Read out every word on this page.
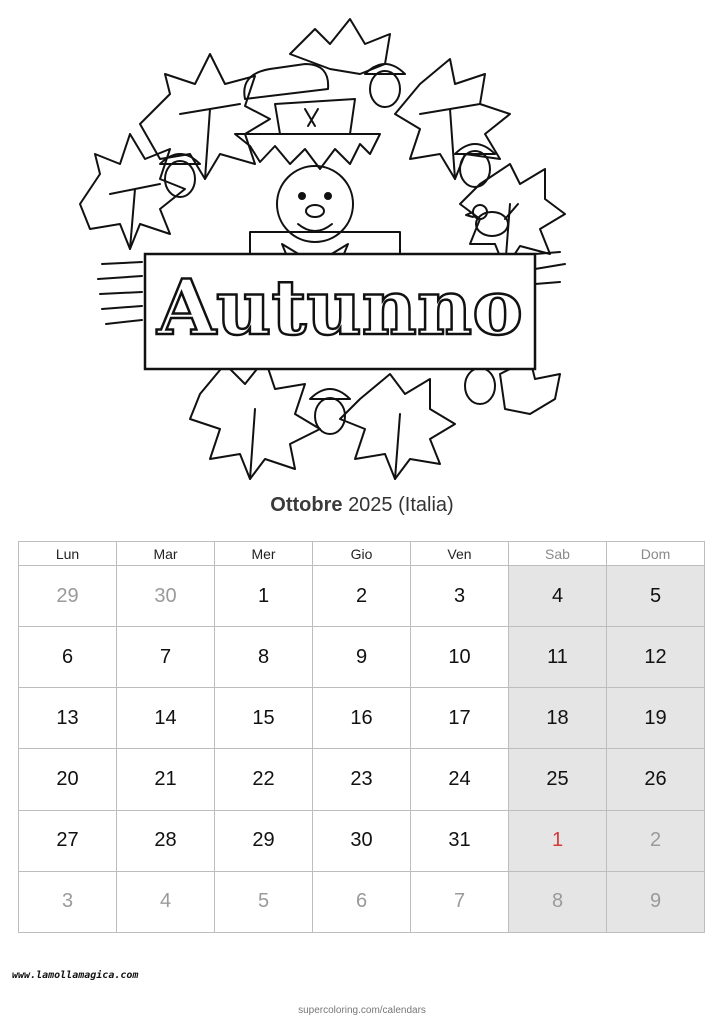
Autunno
Ottobre 2025 (Italia)
Lun	Mar	Mer	Gio	Ven	Sab	Dom
29	30	1	2	3	4	5
6	7	8	9	10	11	12
13	14	15	16	17	18	19
20	21	22	23	24	25	26
27	28	29	30	31	1	2
3	4	5	6	7	8	9
www.lamollamagica.com
supercoloring.com/calendars
